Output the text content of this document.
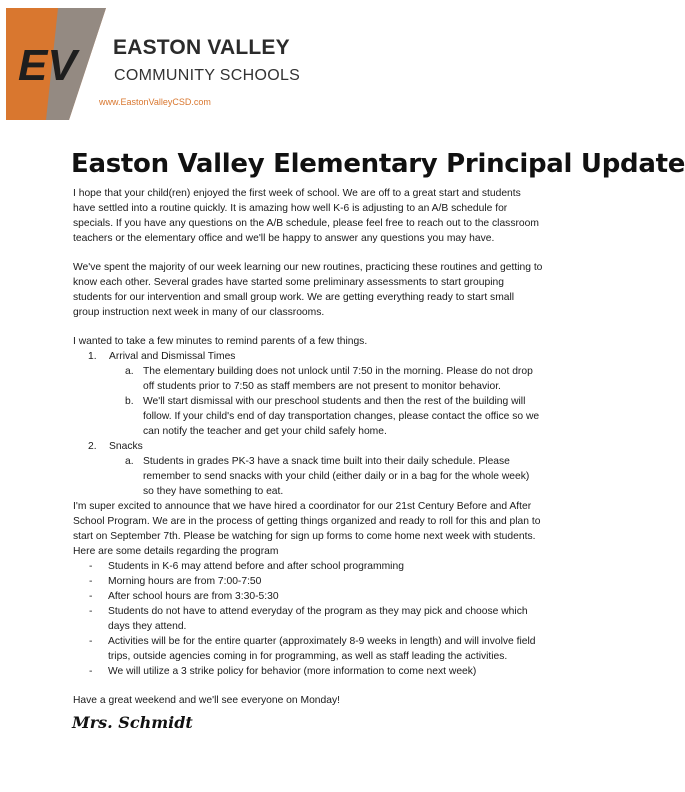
EV EASTON VALLEY
COMMUNITY SCHOOLS
www.EastonValleyCSD.com
Easton Valley Elementary Principal Update

I hope that your child(ren) enjoyed the first week of school. We are off to a great start and students have settled into a routine quickly. It is amazing how well K-6 is adjusting to an A/B schedule for specials. If you have any questions on the A/B schedule, please feel free to reach out to the classroom teachers or the elementary office and we'll be happy to answer any questions you may have.

We've spent the majority of our week learning our new routines, practicing these routines and getting to know each other. Several grades have started some preliminary assessments to start grouping students for our intervention and small group work. We are getting everything ready to start small group instruction next week in many of our classrooms.

I wanted to take a few minutes to remind parents of a few things.

1.	Arrival and Dismissal Times
a. The elementary building does not unlock until 7:50 in the morning. Please do not drop off students prior to 7:50 as staff members are not present to monitor behavior.
b. We'll start dismissal with our preschool students and then the rest of the building will follow. If your child's end of day transportation changes, please contact the office so we can notify the teacher and get your child safely home.
2.	Snacks
a. Students in grades PK-3 have a snack time built into their daily schedule. Please remember to send snacks with your child (either daily or in a bag for the whole week) so they have something to eat.

I'm super excited to announce that we have hired a coordinator for our 21st Century Before and After School Program. We are in the process of getting things organized and ready to roll for this and plan to start on September 7th. Please be watching for sign up forms to come home next week with students. Here are some details regarding the program

- Students in K-6 may attend before and after school programming
- Morning hours are from 7:00-7:50
- After school hours are from 3:30-5:30
- Students do not have to attend everyday of the program as they may pick and choose which days they attend.
- Activities will be for the entire quarter (approximately 8-9 weeks in length) and will involve field trips, outside agencies coming in for programming, as well as staff leading the activities.
- We will utilize a 3 strike policy for behavior (more information to come next week)

Have a great weekend and we'll see everyone on Monday!

Mrs. Schmidt
